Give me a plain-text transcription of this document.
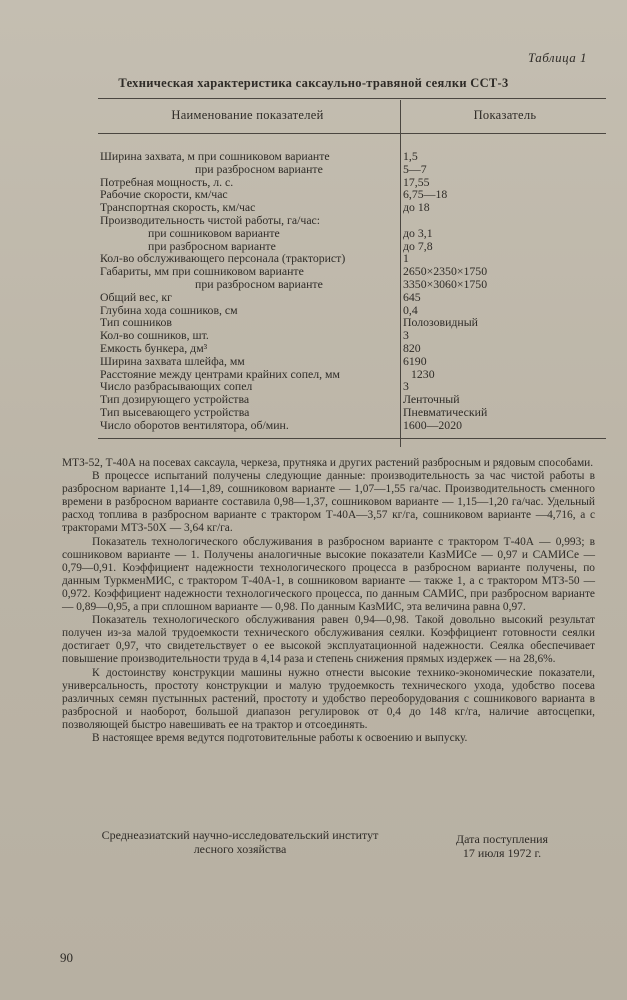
Таблица 1
Техническая характеристика саксаульно-травяной сеялки ССТ-3
Наименование показателей	Показатель
Ширина захвата, м при сошниковом варианте	1,5
при разбросном варианте	5—7
Потребная мощность, л. с.	17,55
Рабочие скорости, км/час	6,75—18
Транспортная скорость, км/час	до 18
Производительность чистой работы, га/час:
при сошниковом варианте	до 3,1
при разбросном варианте	до 7,8
Кол-во обслуживающего персонала (тракторист)	1
Габариты, мм при сошниковом варианте	2650×2350×1750
при разбросном варианте	3350×3060×1750
Общий вес, кг	645
Глубина хода сошников, см	0,4
Тип сошников	Полозовидный
Кол-во сошников, шт.	3
Емкость бункера, дм³	820
Ширина захвата шлейфа, мм	6190
Расстояние между центрами крайних сопел, мм	1230
Число разбрасывающих сопел	3
Тип дозирующего устройства	Ленточный
Тип высевающего устройства	Пневматический
Число оборотов вентилятора, об/мин.	1600—2020

МТЗ-52, Т-40А на посевах саксаула, черкеза, прутняка и других растений разбросным и рядовым способами.

В процессе испытаний получены следующие данные: производительность за час чистой работы в разбросном варианте 1,14—1,89, сошниковом варианте — 1,07—1,55 га/час. Производительность сменного времени в разбросном варианте составила 0,98—1,37, сошниковом варианте — 1,15—1,20 га/час. Удельный расход топлива в разбросном варианте с трактором Т-40А—3,57 кг/га, сошниковом варианте —4,716, а с тракторами МТЗ-50Х — 3,64 кг/га.

Показатель технологического обслуживания в разбросном варианте с трактором Т-40А — 0,993; в сошниковом варианте — 1. Получены аналогичные высокие показатели КазМИСе — 0,97 и САМИСе — 0,79—0,91. Коэффициент надежности технологического процесса в разбросном варианте получены, по данным ТуркменМИС, с трактором Т-40А-1, в сошниковом варианте — также 1, а с трактором МТЗ-50 — 0,972. Коэффициент надежности технологического процесса, по данным САМИС, при разбросном варианте — 0,89—0,95, а при сплошном варианте — 0,98. По данным КазМИС, эта величина равна 0,97.

Показатель технологического обслуживания равен 0,94—0,98. Такой довольно высокий результат получен из-за малой трудоемкости технического обслуживания сеялки. Коэффициент готовности сеялки достигает 0,97, что свидетельствует о ее высокой эксплуатационной надежности. Сеялка обеспечивает повышение производительности труда в 4,14 раза и степень снижения прямых издержек — на 28,6%.

К достоинству конструкции машины нужно отнести высокие технико-экономические показатели, универсальность, простоту конструкции и малую трудоемкость технического ухода, удобство посева различных семян пустынных растений, простоту и удобство переоборудования с сошникового варианта в разбросной и наоборот, большой диапазон регулировок от 0,4 до 148 кг/га, наличие автосцепки, позволяющей быстро навешивать ее на трактор и отсоединять.

В настоящее время ведутся подготовительные работы к освоению и выпуску.

Среднеазиатский научно-исследовательский институт
лесного хозяйства
Дата поступления
17 июля 1972 г.
90
